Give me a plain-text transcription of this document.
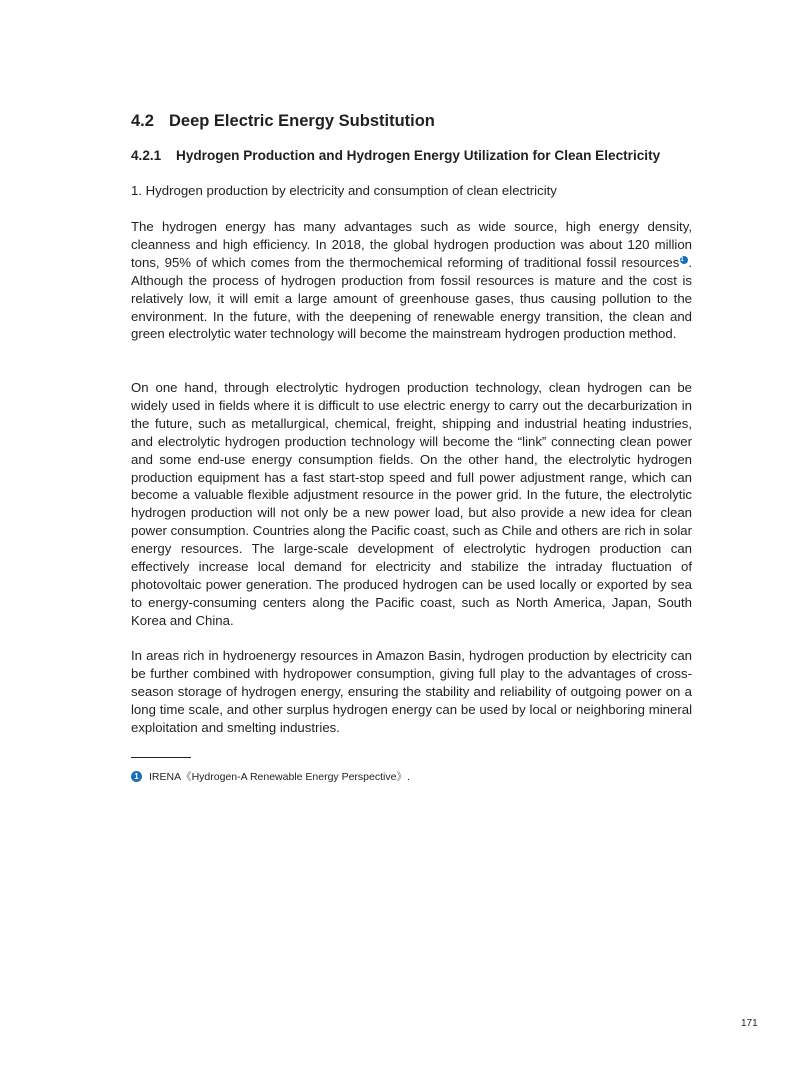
4.2 Deep Electric Energy Substitution
4.2.1 Hydrogen Production and Hydrogen Energy Utilization for Clean Electricity
1. Hydrogen production by electricity and consumption of clean electricity

The hydrogen energy has many advantages such as wide source, high energy density, cleanness and high efficiency. In 2018, the global hydrogen production was about 120 million tons, 95% of which comes from the thermochemical reforming of traditional fossil resources1 . Although the process of hydrogen production from fossil resources is mature and the cost is relatively low, it will emit a large amount of greenhouse gases, thus causing pollution to the environment. In the future, with the deepening of renewable energy transition, the clean and green electrolytic water technology will become the mainstream hydrogen production method.

On one hand, through electrolytic hydrogen production technology, clean hydrogen can be widely used in fields where it is difficult to use electric energy to carry out the decarburization in the future, such as metallurgical, chemical, freight, shipping and industrial heating industries, and electrolytic hydrogen production technology will become the “link” connecting clean power and some end-use energy consumption fields. On the other hand, the electrolytic hydrogen production equipment has a fast start-stop speed and full power adjustment range, which can become a valuable flexible adjustment resource in the power grid. In the future, the electrolytic hydrogen production will not only be a new power load, but also provide a new idea for clean power consumption. Countries along the Pacific coast, such as Chile and others are rich in solar energy resources. The large-scale development of electrolytic hydrogen production can effectively increase local demand for electricity and stabilize the intraday fluctuation of photovoltaic power generation. The produced hydrogen can be used locally or exported by sea to energy-consuming centers along the Pacific coast, such as North America, Japan, South Korea and China.

In areas rich in hydroenergy resources in Amazon Basin, hydrogen production by electricity can be further combined with hydropower consumption, giving full play to the advantages of cross-season storage of hydrogen energy, ensuring the stability and reliability of outgoing power on a long time scale, and other surplus hydrogen energy can be used by local or neighboring mineral exploitation and smelting industries.

1 IRENA《Hydrogen-A Renewable Energy Perspective》.
171
